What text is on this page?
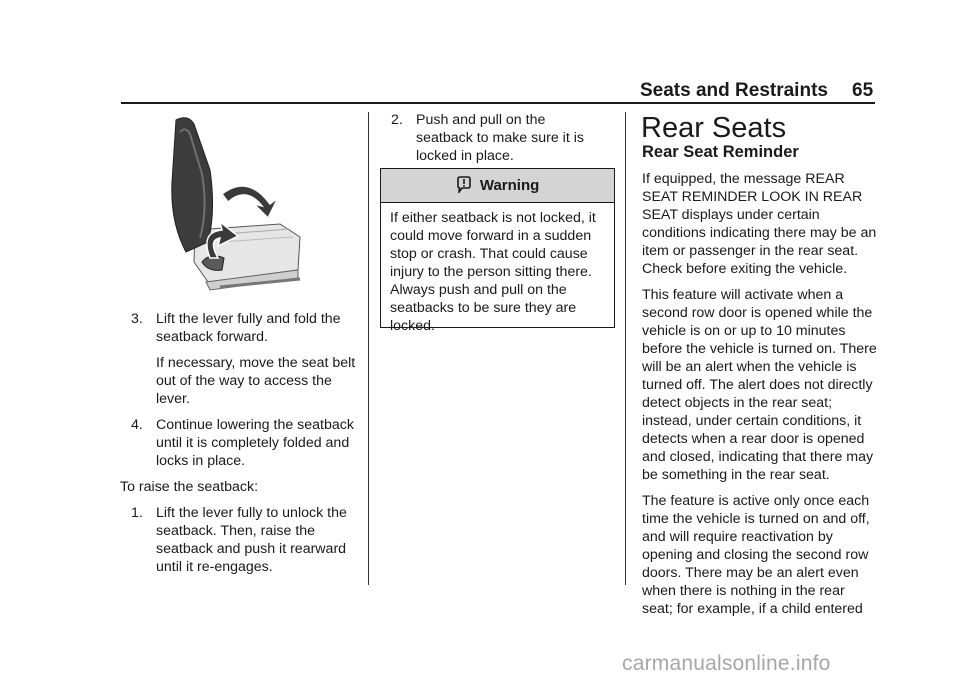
Seats and Restraints 65
3. Lift the lever fully and fold the seatback forward.

If necessary, move the seat belt out of the way to access the lever.

4. Continue lowering the seatback until it is completely folded and locks in place.

To raise the seatback:

1. Lift the lever fully to unlock the seatback. Then, raise the seatback and push it rearward until it re-engages.

2. Push and pull on the seatback to make sure it is locked in place.

Warning

If either seatback is not locked, it could move forward in a sudden stop or crash. That could cause injury to the person sitting there. Always push and pull on the seatbacks to be sure they are locked.

Rear Seats
Rear Seat Reminder

If equipped, the message REAR SEAT REMINDER LOOK IN REAR SEAT displays under certain conditions indicating there may be an item or passenger in the rear seat. Check before exiting the vehicle.

This feature will activate when a second row door is opened while the vehicle is on or up to 10 minutes before the vehicle is turned on. There will be an alert when the vehicle is turned off. The alert does not directly detect objects in the rear seat; instead, under certain conditions, it detects when a rear door is opened and closed, indicating that there may be something in the rear seat.

The feature is active only once each time the vehicle is turned on and off, and will require reactivation by opening and closing the second row doors. There may be an alert even when there is nothing in the rear seat; for example, if a child entered

carmanualsonline.info
